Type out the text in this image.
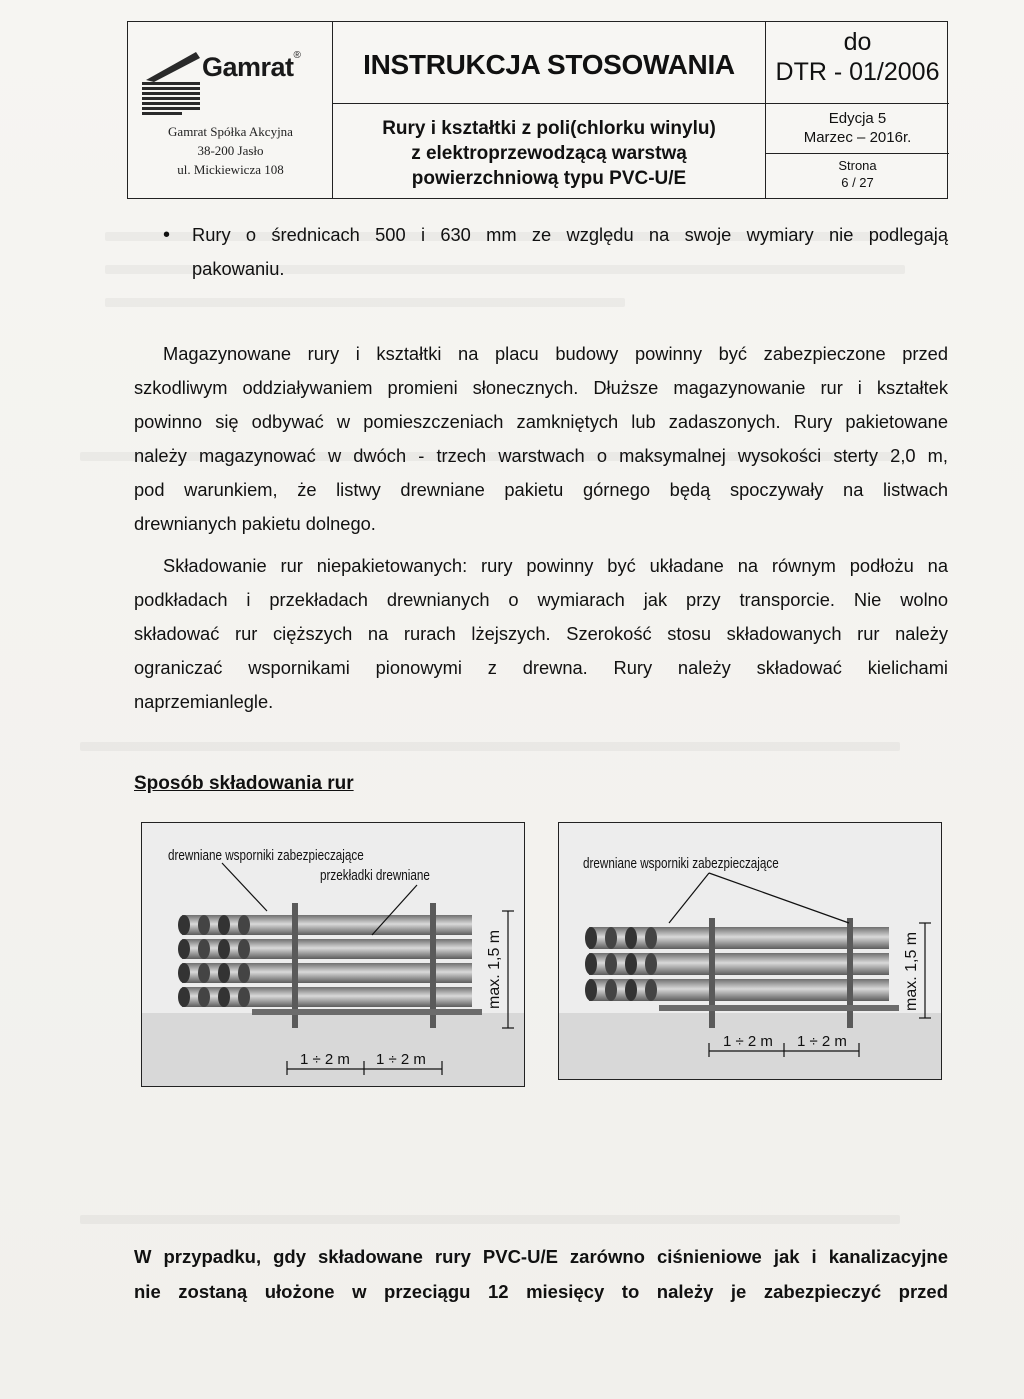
Gamrat®
Gamrat Spółka Akcyjna
38-200 Jasło
ul. Mickiewicza 108
INSTRUKCJA STOSOWANIA
Rury i kształtki z poli(chlorku winylu)
z elektroprzewodzącą warstwą
powierzchniową typu PVC-U/E
do
DTR - 01/2006
Edycja 5
Marzec – 2016r.
Strona
6 / 27
• Rury o średnicach 500 i 630 mm ze względu na swoje wymiary nie podlegają
pakowaniu.
Magazynowane rury i kształtki na placu budowy powinny być zabezpieczone przed
szkodliwym oddziaływaniem promieni słonecznych. Dłuższe magazynowanie rur i kształtek
powinno się odbywać w pomieszczeniach zamkniętych lub zadaszonych. Rury pakietowane
należy magazynować w dwóch - trzech warstwach o maksymalnej wysokości sterty 2,0 m,
pod warunkiem, że listwy drewniane pakietu górnego będą spoczywały na listwach
drewnianych pakietu dolnego.
Składowanie rur niepakietowanych: rury powinny być układane na równym podłożu na
podkładach i przekładach drewnianych o wymiarach jak przy transporcie. Nie wolno
składować rur cięższych na rurach lżejszych. Szerokość stosu składowanych rur należy
ograniczać wspornikami pionowymi z drewna. Rury należy składować kielichami
naprzemianlegle.
Sposób składowania rur
drewniane wsporniki zabezpieczające
przekładki drewniane
max. 1,5 m
1 ÷ 2 m 1 ÷ 2 m
drewniane wsporniki zabezpieczające
max. 1,5 m
1 ÷ 2 m 1 ÷ 2 m
W przypadku, gdy składowane rury PVC-U/E zarówno ciśnieniowe jak i kanalizacyjne
nie zostaną ułożone w przeciągu 12 miesięcy to należy je zabezpieczyć przed
